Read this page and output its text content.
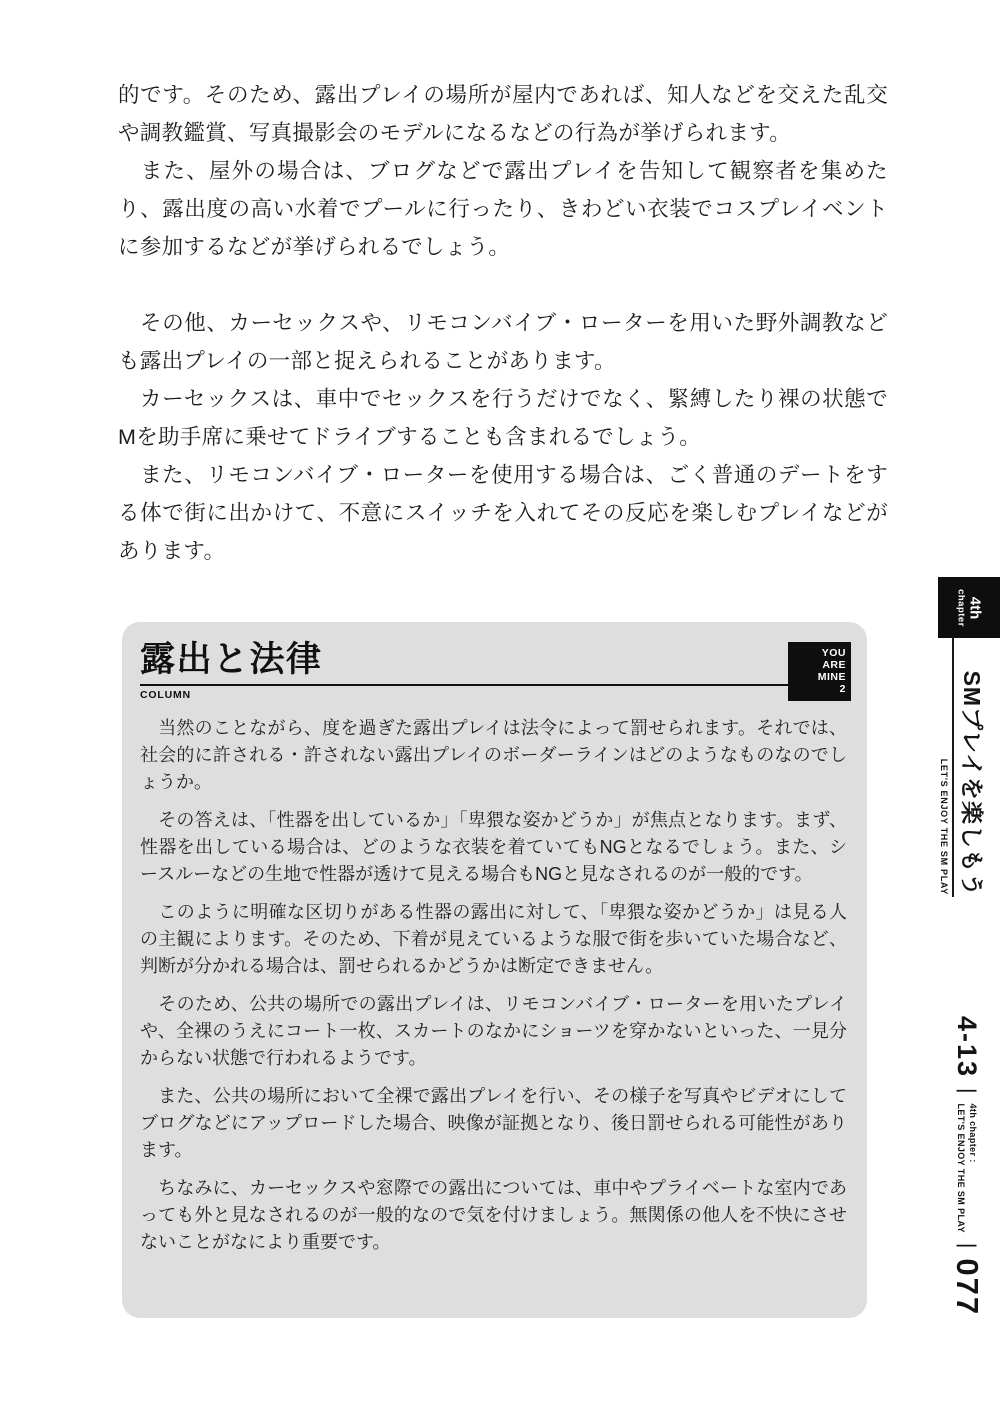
的です。そのため、露出プレイの場所が屋内であれば、知人などを交えた乱交や調教鑑賞、写真撮影会のモデルになるなどの行為が挙げられます。

　また、屋外の場合は、ブログなどで露出プレイを告知して観察者を集めたり、露出度の高い水着でプールに行ったり、きわどい衣装でコスプレイベントに参加するなどが挙げられるでしょう。

　その他、カーセックスや、リモコンバイブ・ローターを用いた野外調教なども露出プレイの一部と捉えられることがあります。

　カーセックスは、車中でセックスを行うだけでなく、緊縛したり裸の状態でMを助手席に乗せてドライブすることも含まれるでしょう。

　また、リモコンバイブ・ローターを使用する場合は、ごく普通のデートをする体で街に出かけて、不意にスイッチを入れてその反応を楽しむプレイなどがあります。

YOU
ARE
MINE
2
露出と法律
COLUMN

　当然のことながら、度を過ぎた露出プレイは法令によって罰せられます。それでは、社会的に許される・許されない露出プレイのボーダーラインはどのようなものなのでしょうか。

　その答えは、「性器を出しているか」「卑猥な姿かどうか」が焦点となります。まず、性器を出している場合は、どのような衣装を着ていてもNGとなるでしょう。また、シースルーなどの生地で性器が透けて見える場合もNGと見なされるのが一般的です。

　このように明確な区切りがある性器の露出に対して、「卑猥な姿かどうか」は見る人の主観によります。そのため、下着が見えているような服で街を歩いていた場合など、判断が分かれる場合は、罰せられるかどうかは断定できません。

　そのため、公共の場所での露出プレイは、リモコンバイブ・ローターを用いたプレイや、全裸のうえにコート一枚、スカートのなかにショーツを穿かないといった、一見分からない状態で行われるようです。

　また、公共の場所において全裸で露出プレイを行い、その様子を写真やビデオにしてブログなどにアップロードした場合、映像が証拠となり、後日罰せられる可能性があります。

　ちなみに、カーセックスや窓際での露出については、車中やプライベートな室内であっても外と見なされるのが一般的なので気を付けましょう。無関係の他人を不快にさせないことがなにより重要です。

4th
chapter
SMプレイを楽しもう
LET'S ENJOY THE SM PLAY
4-13
|
4th chapter :
LET'S ENJOY THE SM PLAY
|
077
